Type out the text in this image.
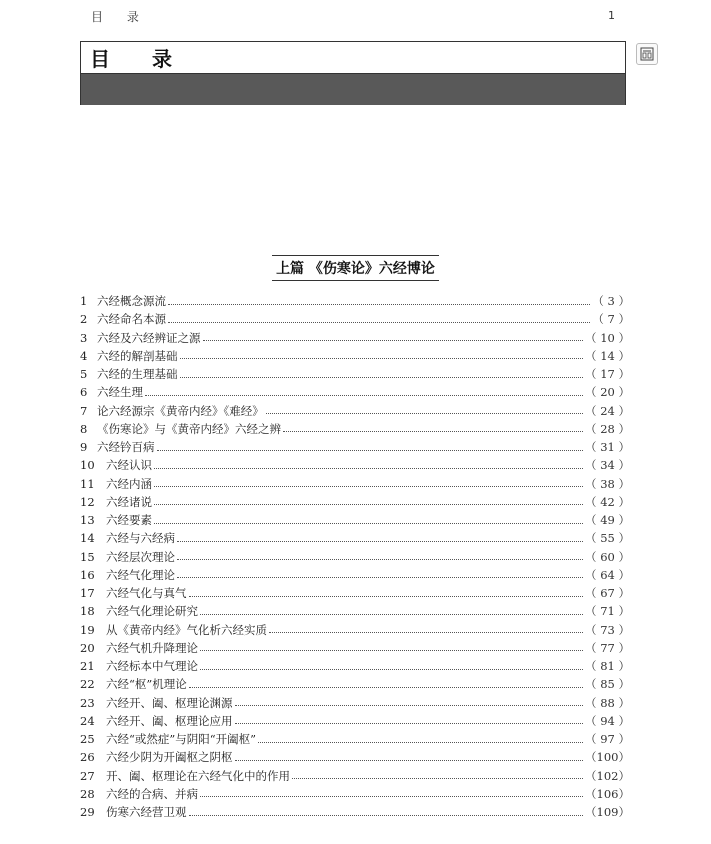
目 录	1
目 录
上篇 《伤寒论》六经博论
1 六经概念源流	（ 3 ）
2 六经命名本源	（ 7 ）
3 六经及六经辨证之源	（ 10 ）
4 六经的解剖基础	（ 14 ）
5 六经的生理基础	（ 17 ）
6 六经生理	（ 20 ）
7 论六经源宗《黄帝内经》《难经》	（ 24 ）
8 《伤寒论》与《黄帝内经》六经之辨	（ 28 ）
9 六经钤百病	（ 31 ）
10 六经认识	（ 34 ）
11 六经内涵	（ 38 ）
12 六经诸说	（ 42 ）
13 六经要素	（ 49 ）
14 六经与六经病	（ 55 ）
15 六经层次理论	（ 60 ）
16 六经气化理论	（ 64 ）
17 六经气化与真气	（ 67 ）
18 六经气化理论研究	（ 71 ）
19 从《黄帝内经》气化析六经实质	（ 73 ）
20 六经气机升降理论	（ 77 ）
21 六经标本中气理论	（ 81 ）
22 六经“枢”机理论	（ 85 ）
23 六经开、阖、枢理论渊源	（ 88 ）
24 六经开、阖、枢理论应用	（ 94 ）
25 六经“或然症”与阴阳“开阖枢”	（ 97 ）
26 六经少阴为开阖枢之阴枢	（100）
27 开、阖、枢理论在六经气化中的作用	（102）
28 六经的合病、并病	（106）
29 伤寒六经营卫观	（109）
